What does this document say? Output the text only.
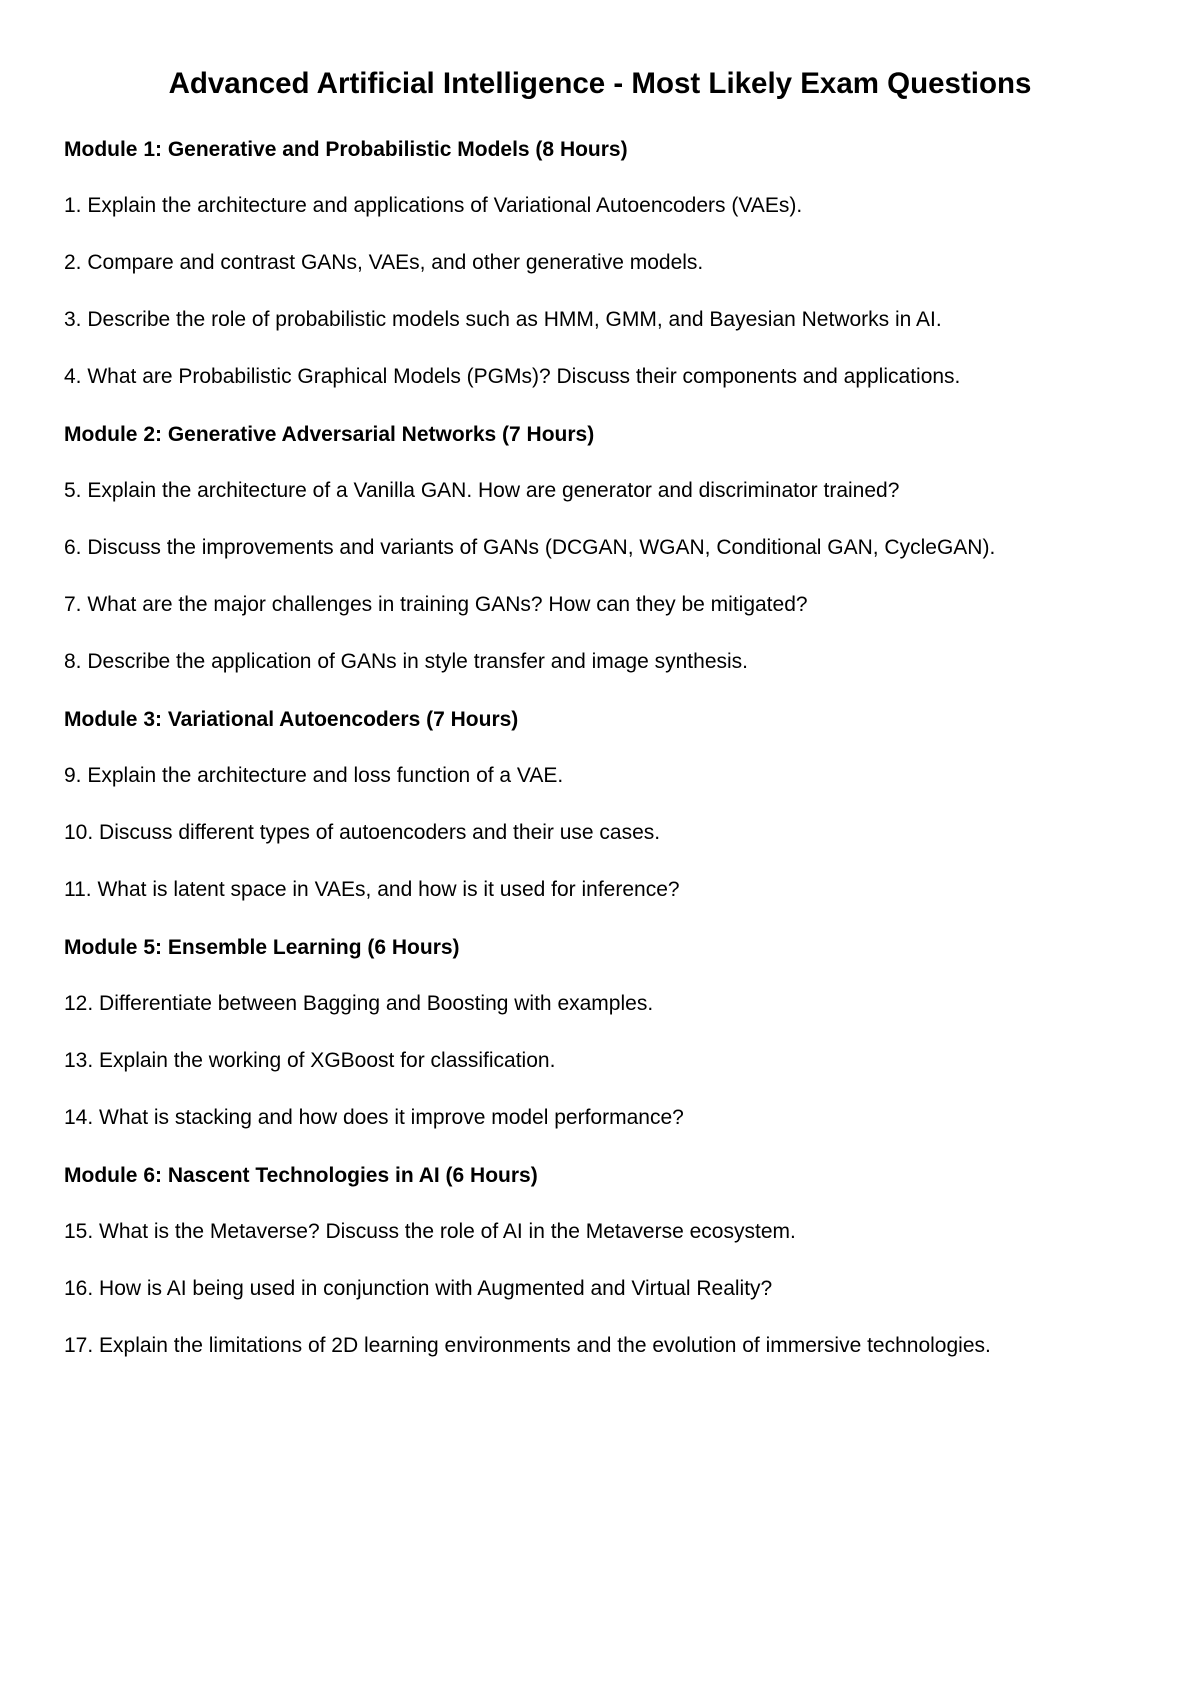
Advanced Artificial Intelligence - Most Likely Exam Questions
Module 1: Generative and Probabilistic Models (8 Hours)
1. Explain the architecture and applications of Variational Autoencoders (VAEs).
2. Compare and contrast GANs, VAEs, and other generative models.
3. Describe the role of probabilistic models such as HMM, GMM, and Bayesian Networks in AI.
4. What are Probabilistic Graphical Models (PGMs)? Discuss their components and applications.
Module 2: Generative Adversarial Networks (7 Hours)
5. Explain the architecture of a Vanilla GAN. How are generator and discriminator trained?
6. Discuss the improvements and variants of GANs (DCGAN, WGAN, Conditional GAN, CycleGAN).
7. What are the major challenges in training GANs? How can they be mitigated?
8. Describe the application of GANs in style transfer and image synthesis.
Module 3: Variational Autoencoders (7 Hours)
9. Explain the architecture and loss function of a VAE.
10. Discuss different types of autoencoders and their use cases.
11. What is latent space in VAEs, and how is it used for inference?
Module 5: Ensemble Learning (6 Hours)
12. Differentiate between Bagging and Boosting with examples.
13. Explain the working of XGBoost for classification.
14. What is stacking and how does it improve model performance?
Module 6: Nascent Technologies in AI (6 Hours)
15. What is the Metaverse? Discuss the role of AI in the Metaverse ecosystem.
16. How is AI being used in conjunction with Augmented and Virtual Reality?
17. Explain the limitations of 2D learning environments and the evolution of immersive technologies.
